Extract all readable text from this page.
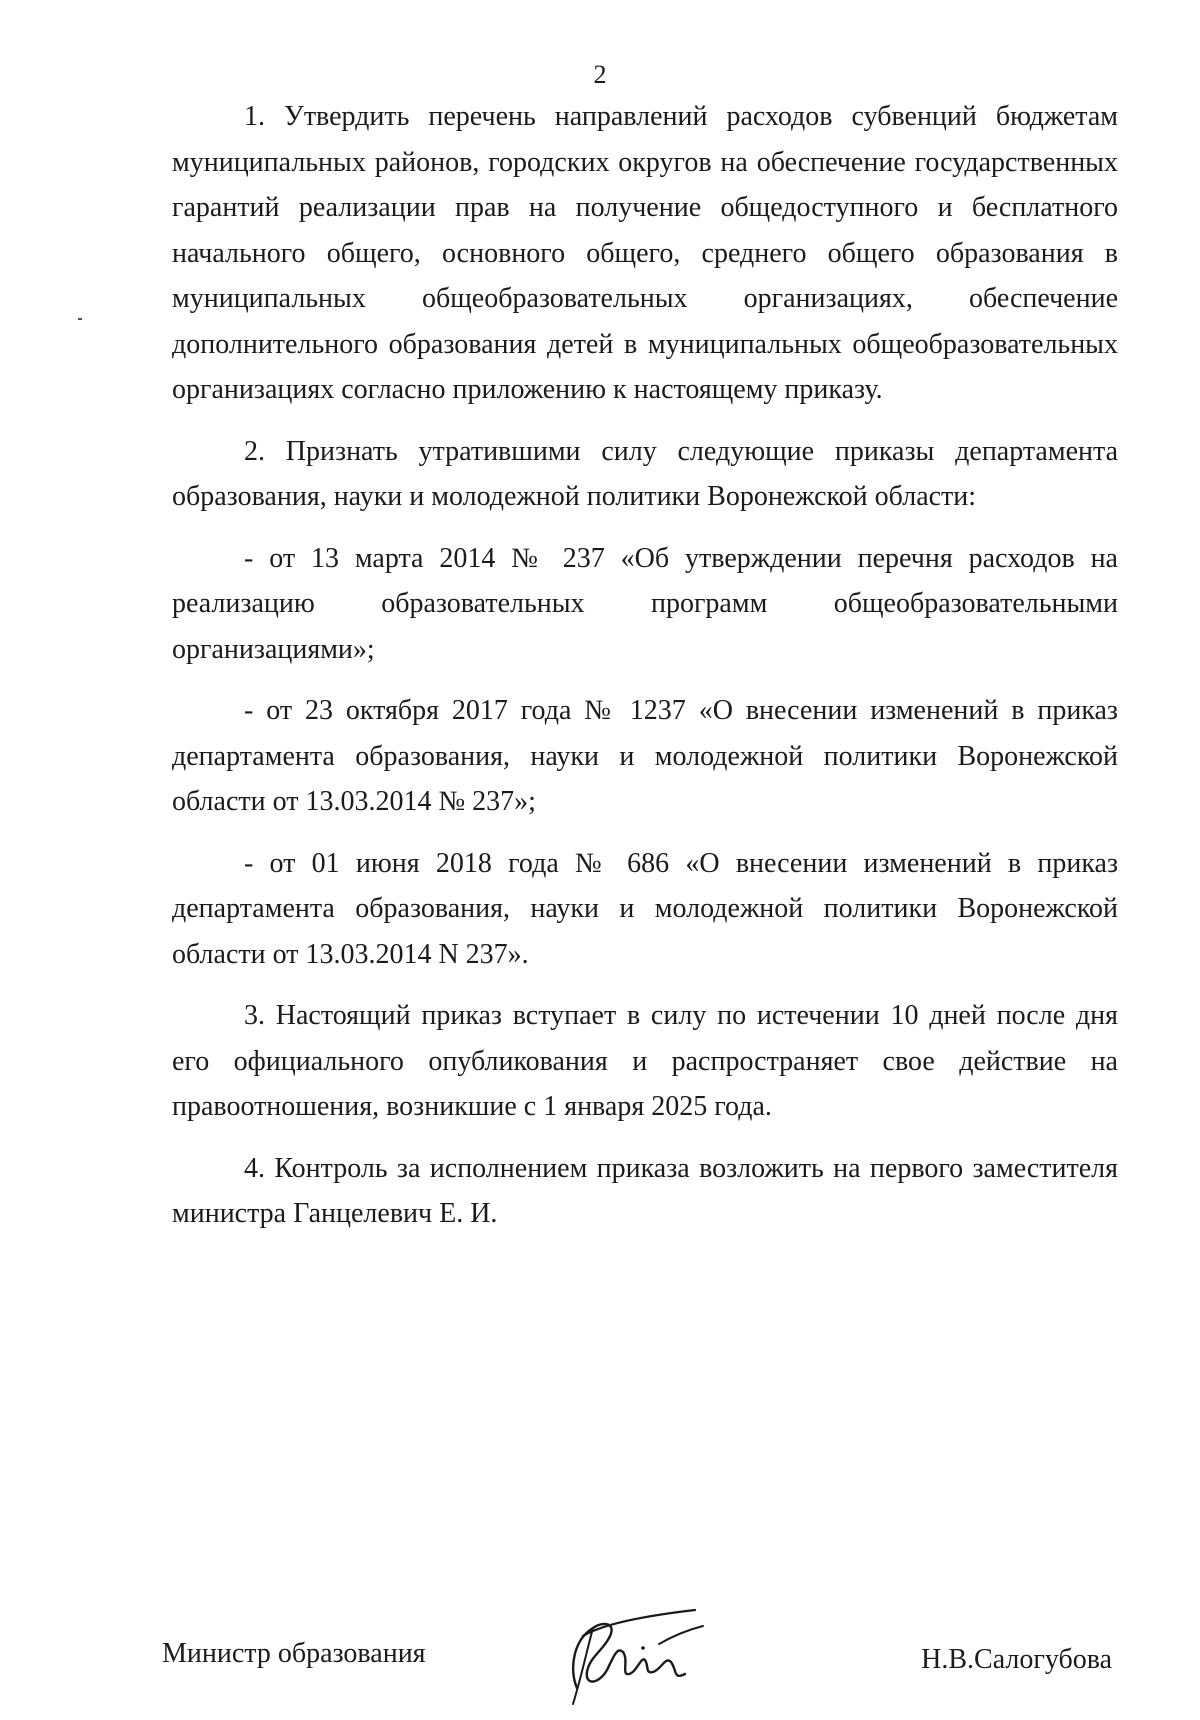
2

1. Утвердить перечень направлений расходов субвенций бюджетам муниципальных районов, городских округов на обеспечение государственных гарантий реализации прав на получение общедоступного и бесплатного начального общего, основного общего, среднего общего образования в муниципальных общеобразовательных организациях, обеспечение дополнительного образования детей в муниципальных общеобразовательных организациях согласно приложению к настоящему приказу.

2. Признать утратившими силу следующие приказы департамента образования, науки и молодежной политики Воронежской области:

- от 13 марта 2014 № 237 «Об утверждении перечня расходов на реализацию образовательных программ общеобразовательными организациями»;

- от 23 октября 2017 года № 1237 «О внесении изменений в приказ департамента образования, науки и молодежной политики Воронежской области от 13.03.2014 № 237»;

- от 01 июня 2018 года № 686 «О внесении изменений в приказ департамента образования, науки и молодежной политики Воронежской области от 13.03.2014 N 237».

3. Настоящий приказ вступает в силу по истечении 10 дней после дня его официального опубликования и распространяет свое действие на правоотношения, возникшие с 1 января 2025 года.

4. Контроль за исполнением приказа возложить на первого заместителя министра Ганцелевич Е. И.

Министр образования	Н.В.Салогубова
